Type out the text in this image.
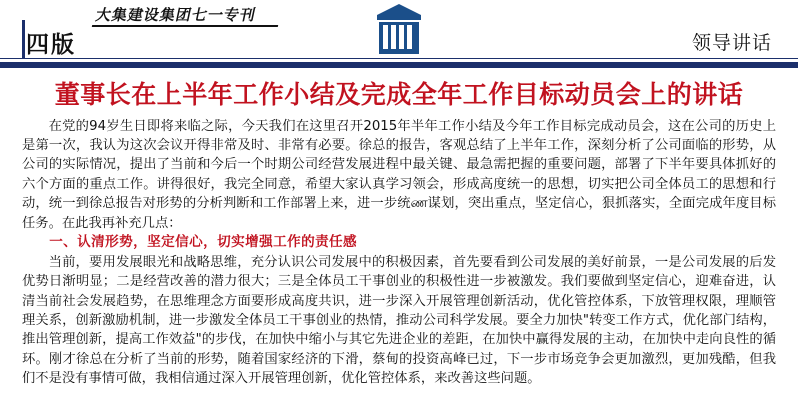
四版
大集建设集团七一专刊
领导讲话
董事长在上半年工作小结及完成全年工作目标动员会上的讲话

在党的94岁生日即将来临之际，今天我们在这里召开2015年半年工作小结及今年工作目标完成动员会，这在公司的历史上是第一次，我认为这次会议开得非常及时、非常有必要。徐总的报告，客观总结了上半年工作，深刻分析了公司面临的形势，从公司的实际情况，提出了当前和今后一个时期公司经营发展进程中最关键、最急需把握的重要问题，部署了下半年要具体抓好的六个方面的重点工作。讲得很好，我完全同意，希望大家认真学习领会，形成高度统一的思想，切实把公司全体员工的思想和行动，统一到徐总报告对形势的分析判断和工作部署上来，进一步统ண谋划，突出重点，坚定信心，狠抓落实，全面完成年度目标任务。在此我再补充几点：

一、认清形势，坚定信心，切实增强工作的责任感

当前，要用发展眼光和战略思维，充分认识公司发展中的积极因素，首先要看到公司发展的美好前景，一是公司发展的后发优势日渐明显；二是经营改善的潜力很大；三是全体员工干事创业的积极性进一步被激发。我们要做到坚定信心，迎难奋进，认清当前社会发展趋势，在思维理念方面要形成高度共识，进一步深入开展管理创新活动，优化管控体系，下放管理权限，理顺管理关系，创新激励机制，进一步激发全体员工干事创业的热情，推动公司科学发展。要全力加快"转变工作方式，优化部门结构，推出管理创新，提高工作效益"的步伐，在加快中缩小与其它先进企业的差距，在加快中赢得发展的主动，在加快中走向良性的循环。刚才徐总在分析了当前的形势，随着国家经济的下滑，蔡甸的投资高峰已过，下一步市场竞争会更加激烈，更加残酷，但我们不是没有事情可做，我相信通过深入开展管理创新，优化管控体系，来改善这些问题。
